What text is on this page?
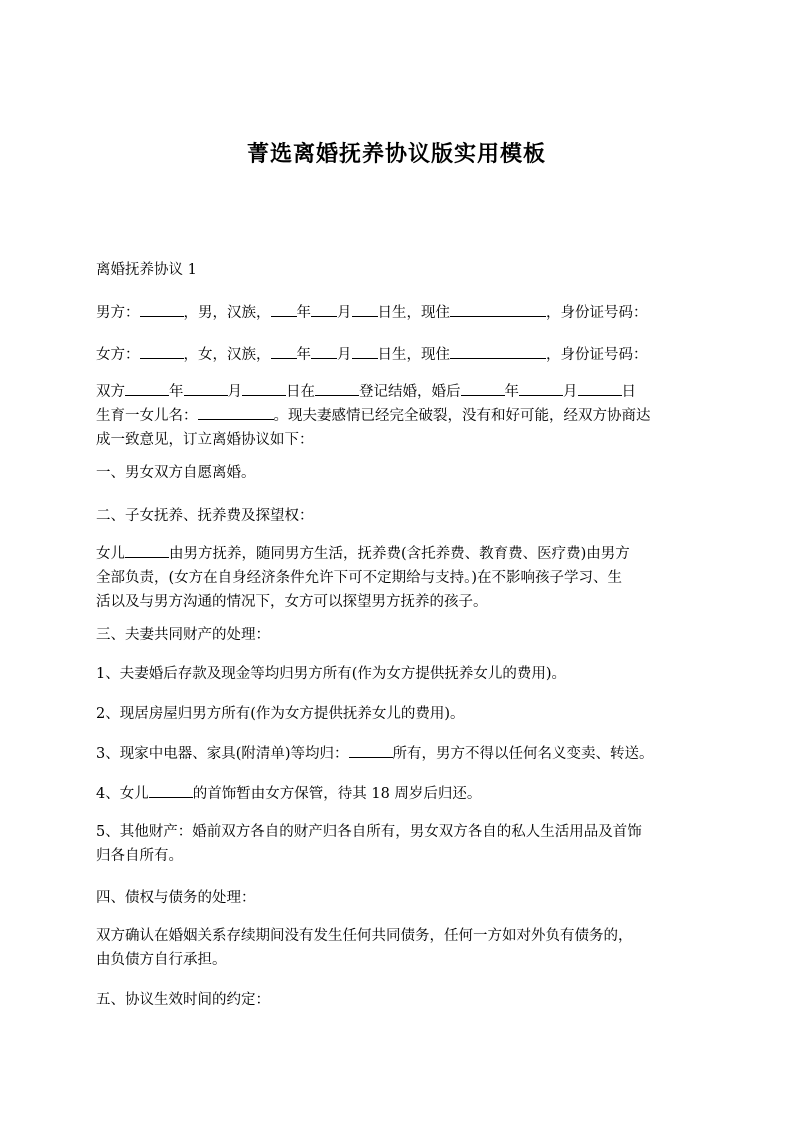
菁选离婚抚养协议版实用模板
离婚抚养协议 1
男方：	，男，汉族， 年 月 日生，现住	，身份证号码：
女方：	，女，汉族， 年 月 日生，现住	，身份证号码：
双方	年	月	日在	登记结婚，婚后	年	月	日
生育一女儿名：	。现夫妻感情已经完全破裂，没有和好可能，经双方协商达
成一致意见，订立离婚协议如下：
一、男女双方自愿离婚。
二、子女抚养、抚养费及探望权：
女儿	由男方抚养，随同男方生活，抚养费(含托养费、教育费、医疗费)由男方
全部负责，(女方在自身经济条件允许下可不定期给与支持。)在不影响孩子学习、生
活以及与男方沟通的情况下，女方可以探望男方抚养的孩子。
三、夫妻共同财产的处理：
1、夫妻婚后存款及现金等均归男方所有(作为女方提供抚养女儿的费用)。
2、现居房屋归男方所有(作为女方提供抚养女儿的费用)。
3、现家中电器、家具(附清单)等均归：	所有，男方不得以任何名义变卖、转送。
4、女儿	的首饰暂由女方保管，待其 18 周岁后归还。
5、其他财产：婚前双方各自的财产归各自所有，男女双方各自的私人生活用品及首饰
归各自所有。
四、债权与债务的处理：
双方确认在婚姻关系存续期间没有发生任何共同债务，任何一方如对外负有债务的，
由负债方自行承担。
五、协议生效时间的约定：
